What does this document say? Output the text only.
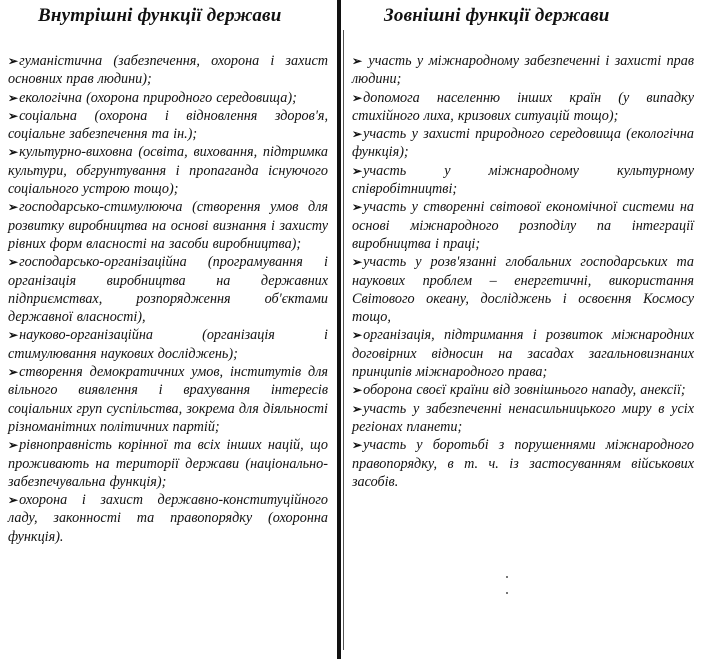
Внутрішні функції держави	Зовнішні функції держави

➢гуманістична (забезпечення, охорона і захист основних прав людини);

➢екологічна (охорона природного середовища);

➢соціальна (охорона і відновлення здоров'я, соціальне забезпечення та ін.);

➢культурно-виховна (освіта, виховання, підтримка культури, обгрунтування і пропаганда існуючого соціального устрою тощо);

➢господарсько-стимулююча (створення умов для розвитку виробництва на основі визнання і захисту рівних форм власності на засоби виробництва);

➢господарсько-організаційна (програмування і організація виробництва на державних підприємствах, розпорядження об'єктами державної власності),

➢науково-організаційна (організація і стимулювання наукових досліджень);

➢створення демократичних умов, інститутів для вільного виявлення і врахування інтересів соціальних груп суспільства, зокрема для діяльності різноманітних політичних партій;

➢рівноправність корінної та всіх інших націй, що проживають на території держави (національно-забезпечувальна функція);

➢охорона і захист державно-конституційного ладу, законності та правопорядку (охоронна функція).

➢ участь у міжнародному забезпеченні і захисті прав людини;

➢допомога населенню інших країн (у випадку стихійного лиха, кризових ситуацій тощо);

➢участь у захисті природного середовища (екологічна функція);

➢участь у міжнародному культурному співробітництві;

➢участь у створенні світової економічної системи на основі міжнародного розподілу па інтеграції виробництва і праці;

➢участь у розв'язанні глобальних господарських та наукових проблем – енергетичні, використання Світового океану, досліджень і освоєння Космосу тощо,

➢організація, підтримання і розвиток міжнародних договірних відносин на засадах загальновизнаних принципів міжнародного права;

➢оборона своєї країни від зовнішнього нападу, анексії;

➢участь у забезпеченні ненасильницького миру в усіх регіонах планети;

➢участь у боротьбі з порушеннями міжнародного правопорядку, в т. ч. із застосуванням військових засобів.
